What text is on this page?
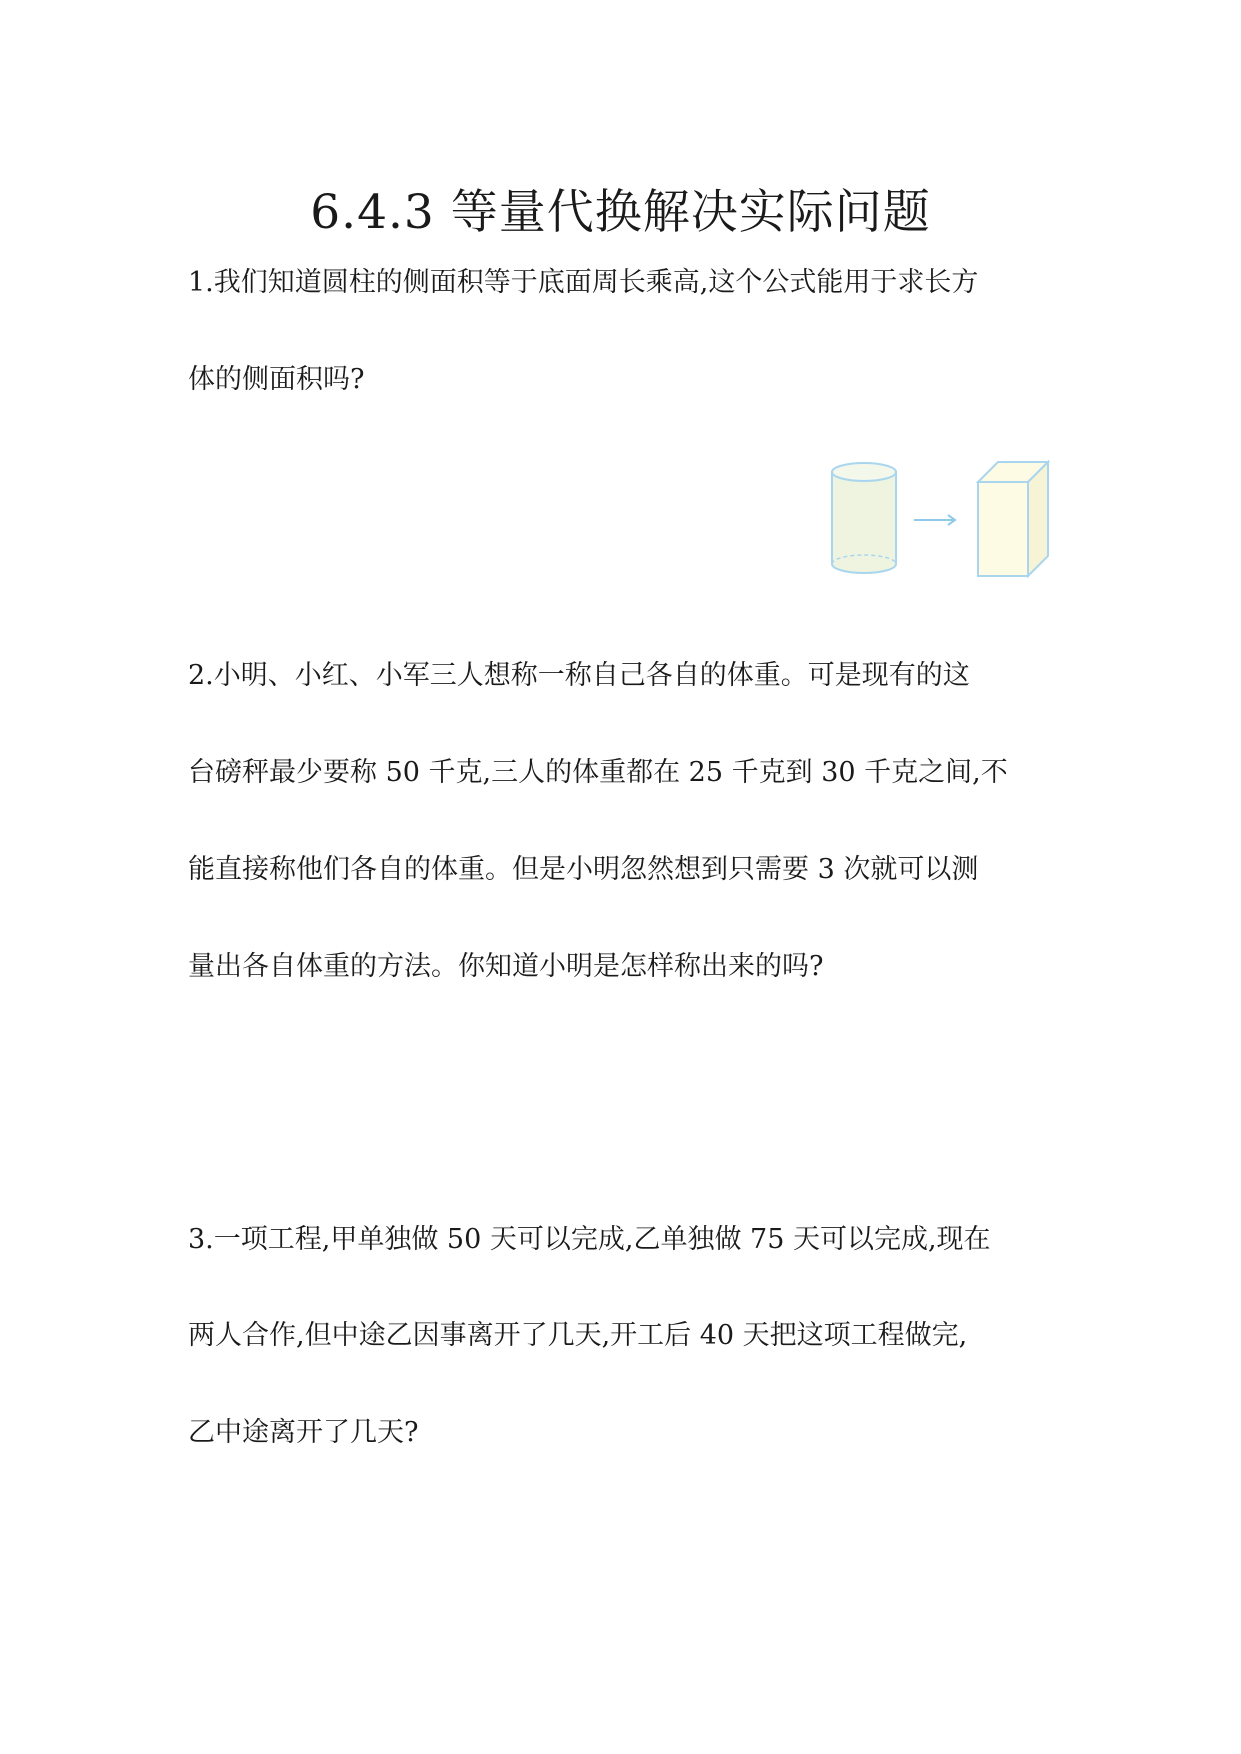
6.4.3 等量代换解决实际问题
1.我们知道圆柱的侧面积等于底面周长乘高,这个公式能用于求长方
体的侧面积吗?
2.小明、小红、小军三人想称一称自己各自的体重。可是现有的这
台磅秤最少要称 50 千克,三人的体重都在 25 千克到 30 千克之间,不
能直接称他们各自的体重。但是小明忽然想到只需要 3 次就可以测
量出各自体重的方法。你知道小明是怎样称出来的吗?
3.一项工程,甲单独做 50 天可以完成,乙单独做 75 天可以完成,现在
两人合作,但中途乙因事离开了几天,开工后 40 天把这项工程做完,
乙中途离开了几天?
